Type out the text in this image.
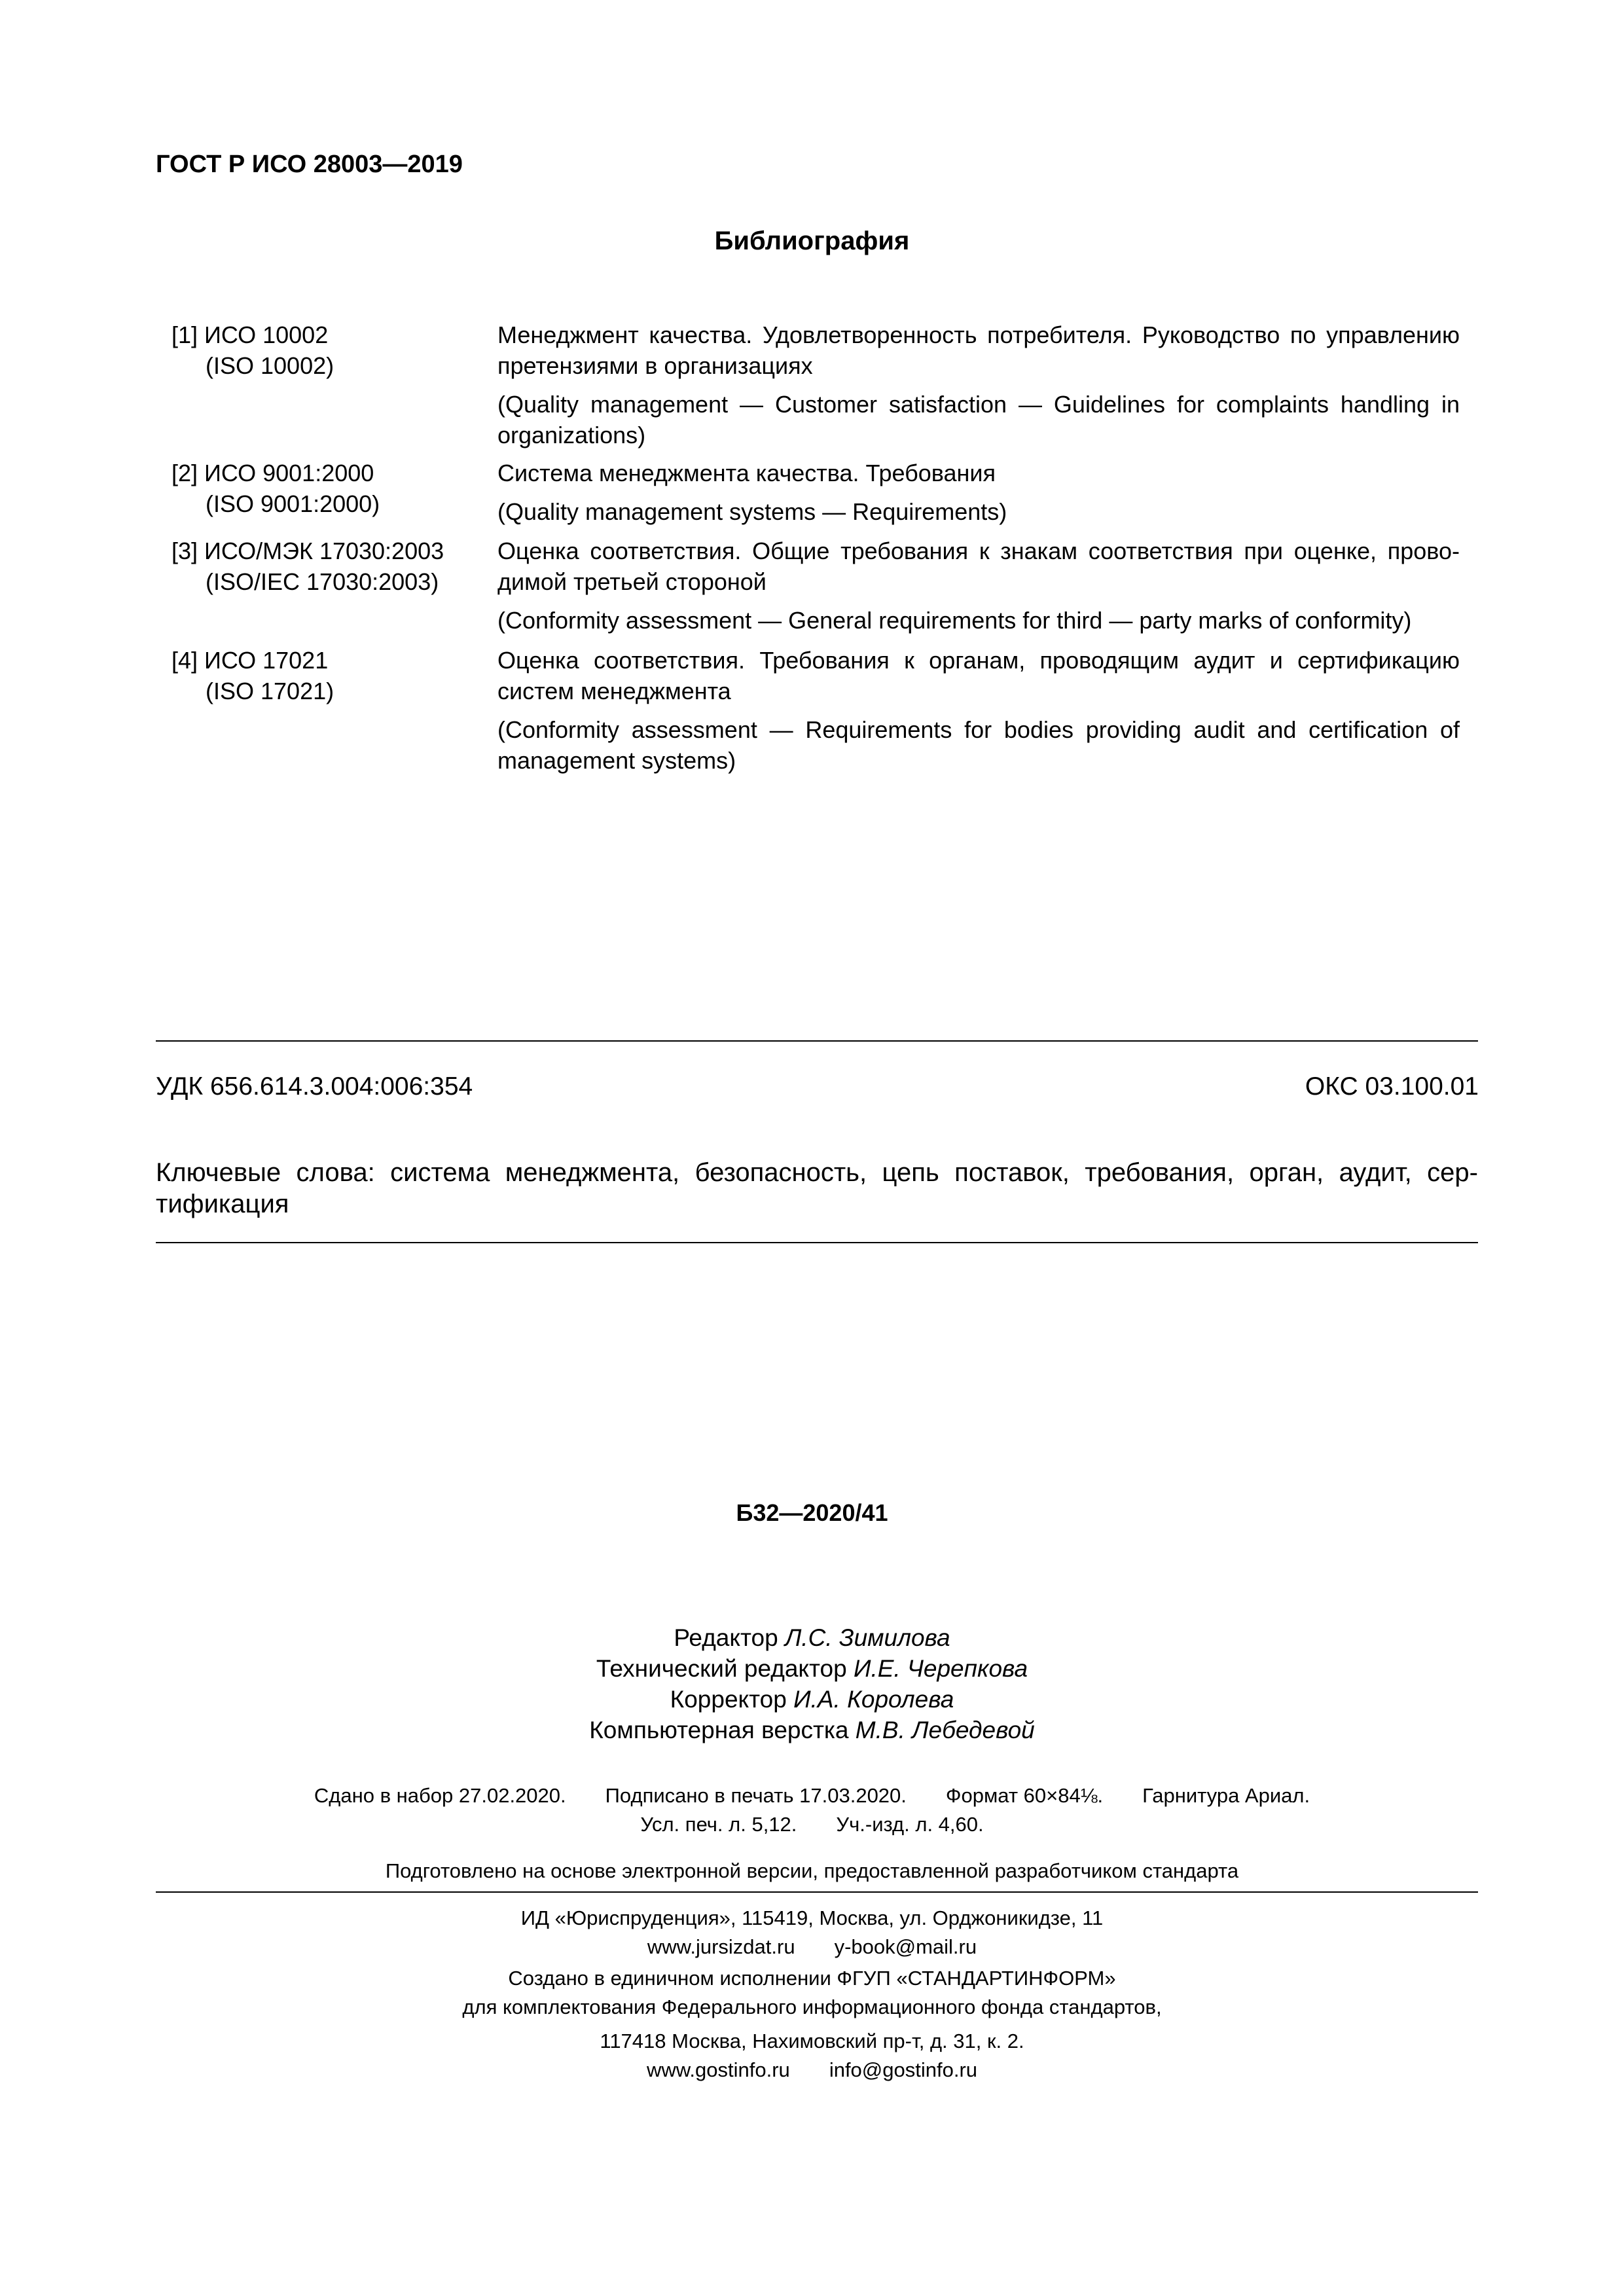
ГОСТ Р ИСО 28003—2019
Библиография
[1] ИСО 10002
(ISO 10002)

Менеджмент качества. Удовлетворенность потребителя. Руководство по управлению претензиями в организациях

(Quality management — Customer satisfaction — Guidelines for complaints handling in organizations)

[2] ИСО 9001:2000
(ISO 9001:2000)

Система менеджмента качества. Требования

(Quality management systems — Requirements)

[3] ИСО/МЭК 17030:2003
(ISO/IEC 17030:2003)

Оценка соответствия. Общие требования к знакам соответствия при оценке, проводимой третьей стороной

(Conformity assessment — General requirements for third — party marks of conformity)

[4] ИСО 17021
(ISO 17021)

Оценка соответствия. Требования к органам, проводящим аудит и сертификацию систем менеджмента

(Conformity assessment — Requirements for bodies providing audit and certification of management systems)

УДК 656.614.3.004:006:354	ОКС 03.100.01
Ключевые слова: система менеджмента, безопасность, цепь поставок, требования, орган, аудит, сертификация
Б32—2020/41
Редактор Л.С. Зимилова
Технический редактор И.Е. Черепкова
Корректор И.А. Королева
Компьютерная верстка М.В. Лебедевой
Сдано в набор 27.02.2020. Подписано в печать 17.03.2020. Формат 60×84⅛. Гарнитура Ариал.
Усл. печ. л. 5,12. Уч.-изд. л. 4,60.
Подготовлено на основе электронной версии, предоставленной разработчиком стандарта
ИД «Юриспруденция», 115419, Москва, ул. Орджоникидзе, 11
www.jursizdat.ru y-book@mail.ru
Создано в единичном исполнении ФГУП «СТАНДАРТИНФОРМ»
для комплектования Федерального информационного фонда стандартов,
117418 Москва, Нахимовский пр-т, д. 31, к. 2.
www.gostinfo.ru info@gostinfo.ru
